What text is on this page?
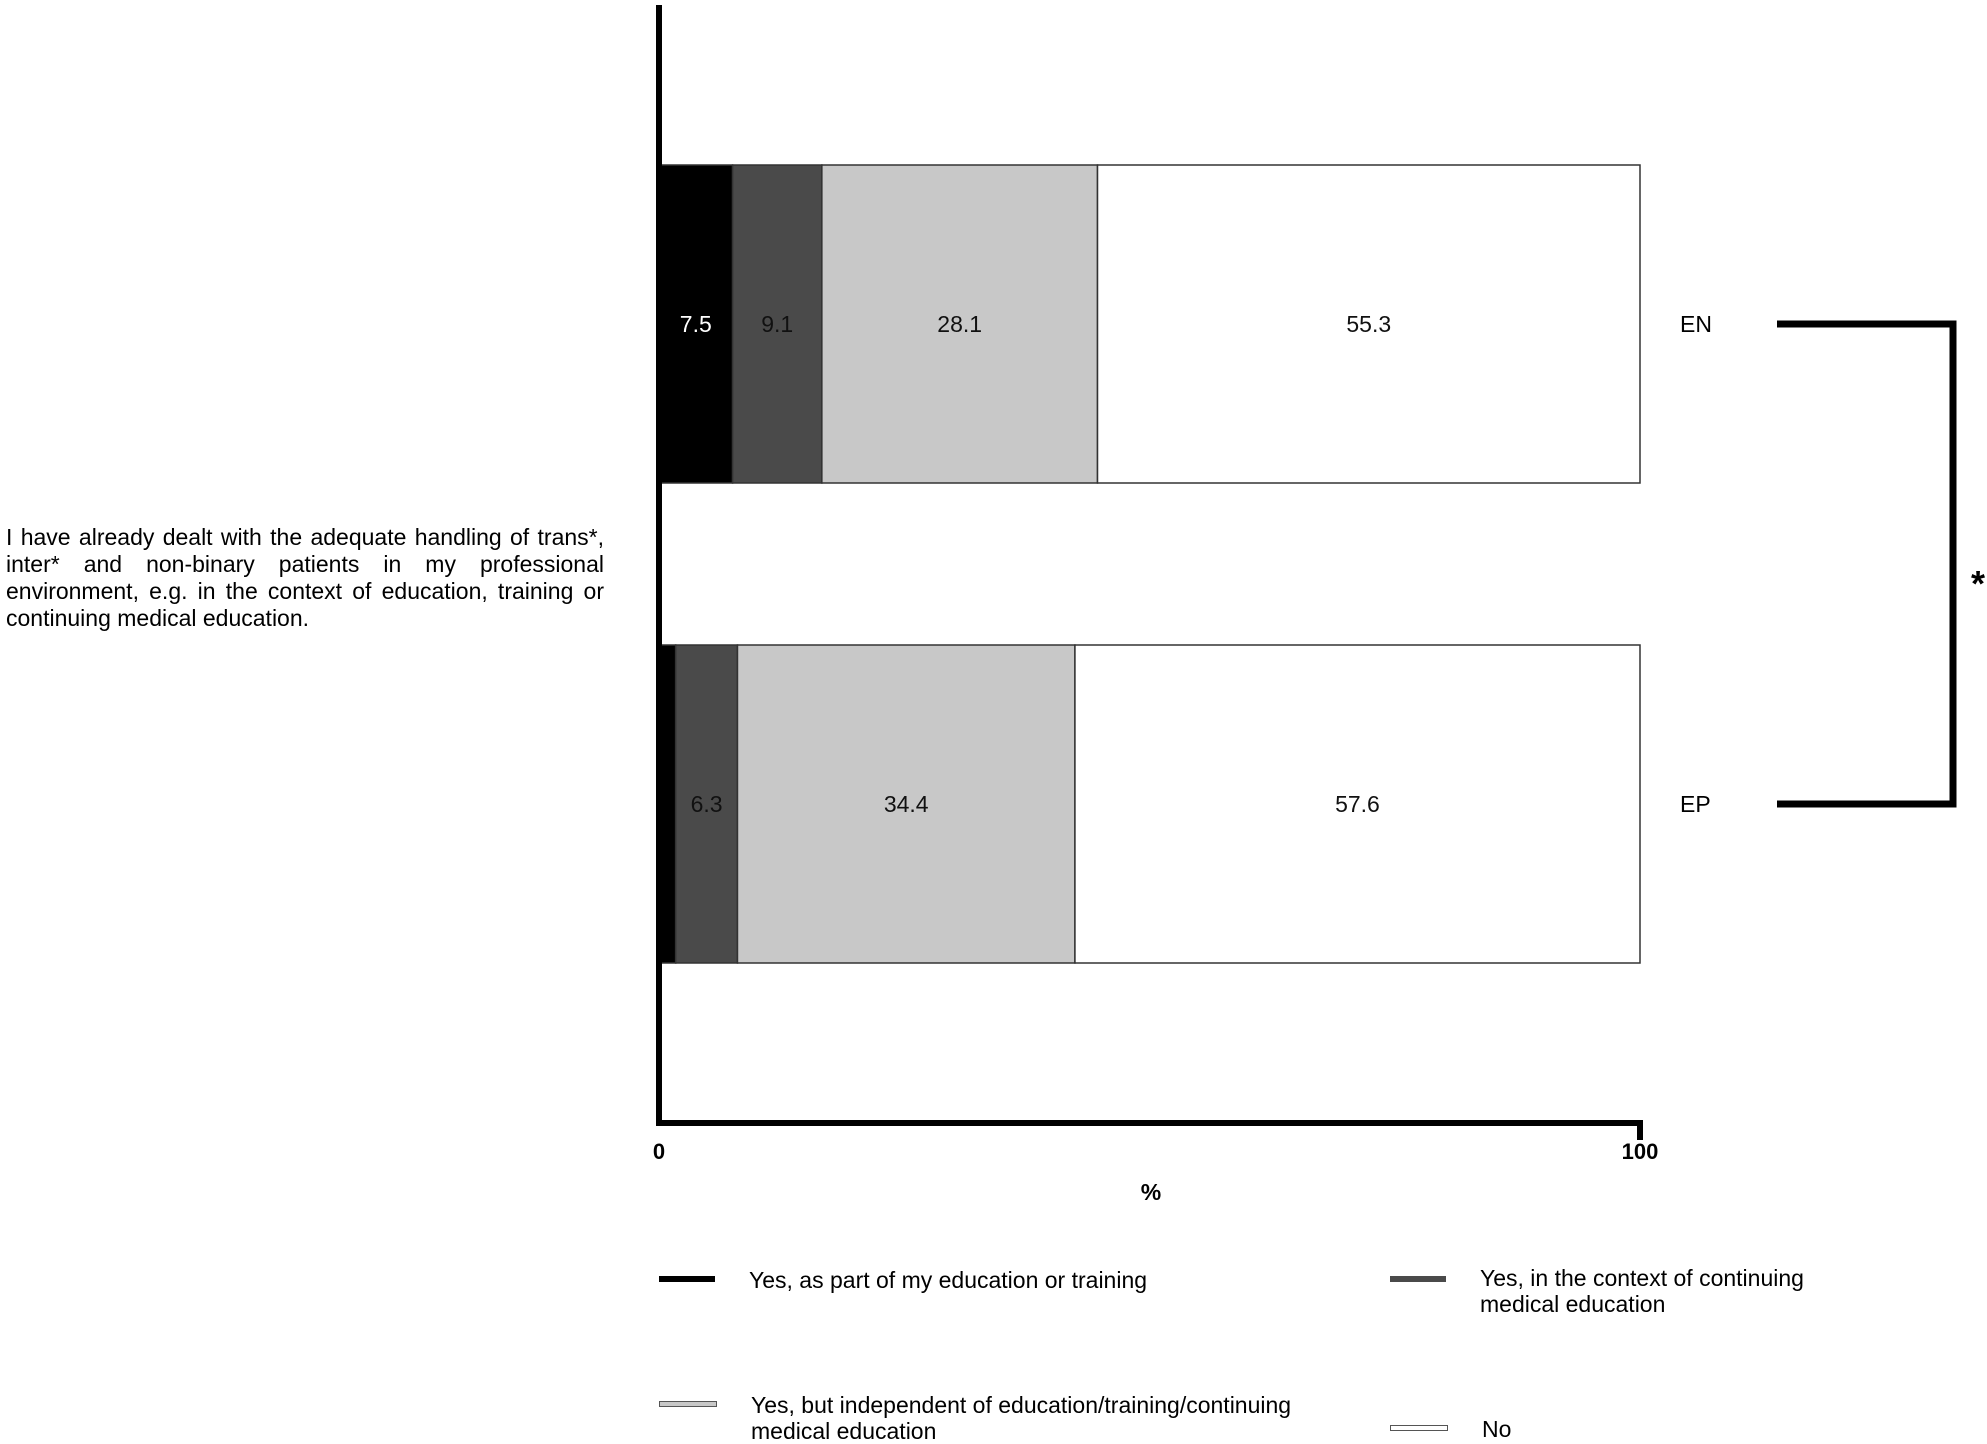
I have already dealt with the adequate handling of trans*, inter* and non-binary patients in my professional environment, e.g. in the context of education, training or continuing medical education.
7.5 9.1	28.1	55.3	EN
6.3	34.4	57.6	EP
0	100
%
*
Yes, as part of my education or training	Yes, in the context of continuing medical education
Yes, but independent of education/training/continuing medical education	No
